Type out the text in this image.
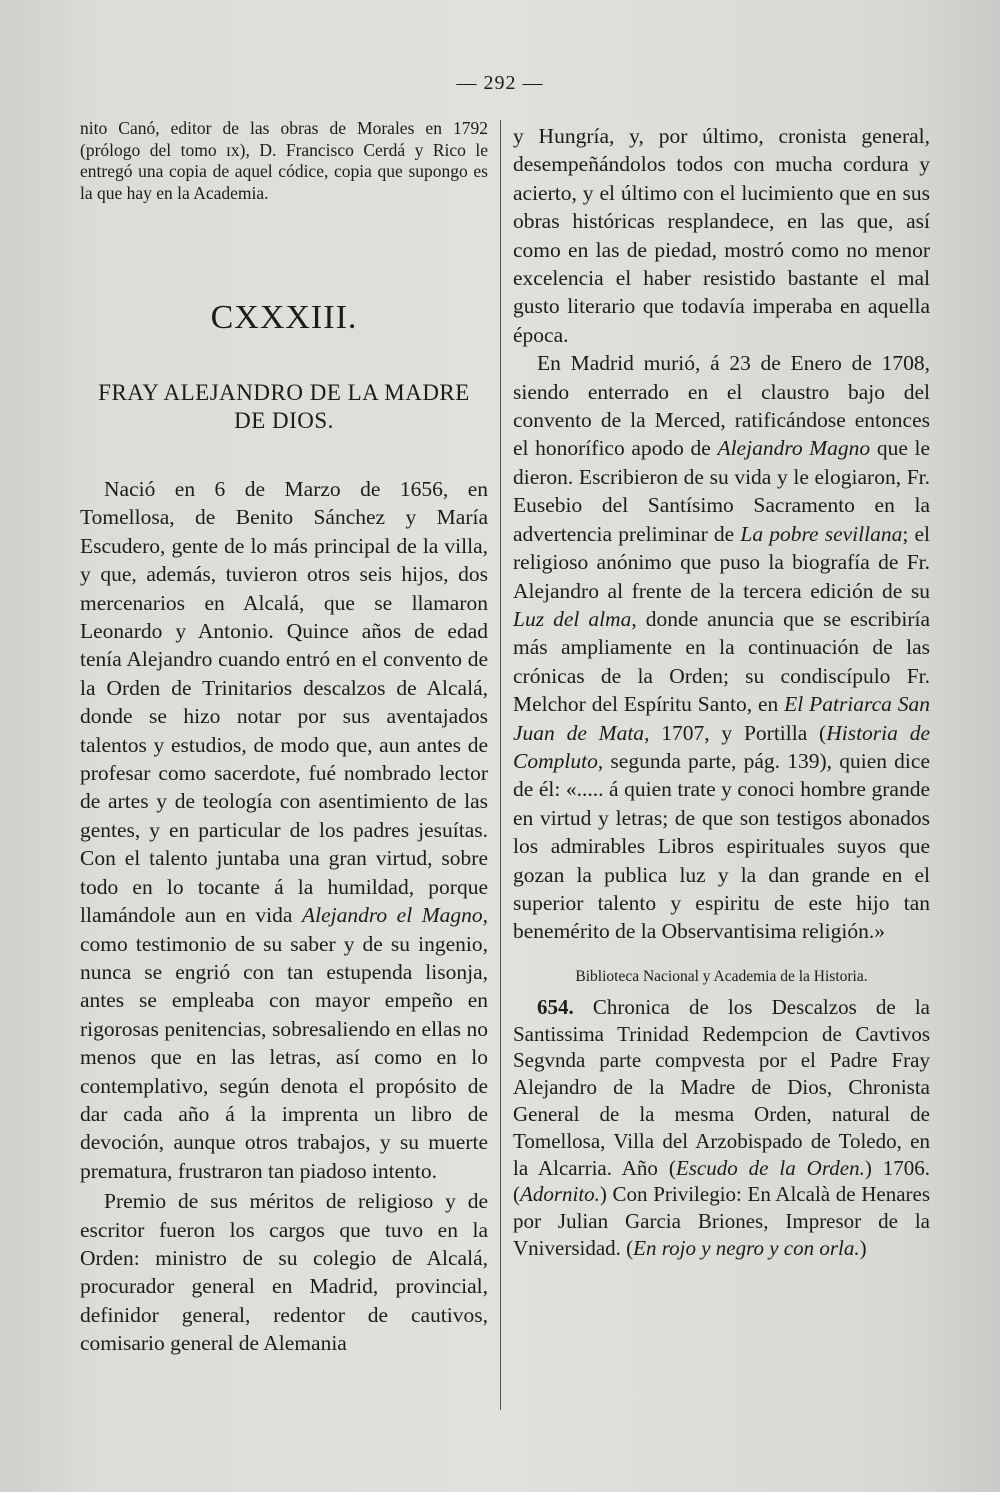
— 292 —

nito Canó, editor de las obras de Morales en 1792 (prólogo del tomo ɪx), D. Francisco Cerdá y Rico le entregó una copia de aquel códice, copia que supongo es la que hay en la Academia.

CXXXIII.
FRAY ALEJANDRO DE LA MADRE DE DIOS.

Nació en 6 de Marzo de 1656, en Tomellosa, de Benito Sánchez y María Escudero, gente de lo más principal de la villa, y que, además, tuvieron otros seis hijos, dos mercenarios en Alcalá, que se llamaron Leonardo y Antonio. Quince años de edad tenía Alejandro cuando entró en el convento de la Orden de Trinitarios descalzos de Alcalá, donde se hizo notar por sus aventajados talentos y estudios, de modo que, aun antes de profesar como sacerdote, fué nombrado lector de artes y de teología con asentimiento de las gentes, y en particular de los padres jesuítas. Con el talento juntaba una gran virtud, sobre todo en lo tocante á la humildad, porque llamándole aun en vida Alejandro el Magno, como testimonio de su saber y de su ingenio, nunca se engrió con tan estupenda lisonja, antes se empleaba con mayor empeño en rigorosas penitencias, sobresaliendo en ellas no menos que en las letras, así como en lo contemplativo, según denota el propósito de dar cada año á la imprenta un libro de devoción, aunque otros trabajos, y su muerte prematura, frustraron tan piadoso intento.

Premio de sus méritos de religioso y de escritor fueron los cargos que tuvo en la Orden: ministro de su colegio de Alcalá, procurador general en Madrid, provincial, definidor general, redentor de cautivos, comisario general de Alemania

y Hungría, y, por último, cronista general, desempeñándolos todos con mucha cordura y acierto, y el último con el lucimiento que en sus obras históricas resplandece, en las que, así como en las de piedad, mostró como no menor excelencia el haber resistido bastante el mal gusto literario que todavía imperaba en aquella época.

En Madrid murió, á 23 de Enero de 1708, siendo enterrado en el claustro bajo del convento de la Merced, ratificándose entonces el honorífico apodo de Alejandro Magno que le dieron. Escribieron de su vida y le elogiaron, Fr. Eusebio del Santísimo Sacramento en la advertencia preliminar de La pobre sevillana; el religioso anónimo que puso la biografía de Fr. Alejandro al frente de la tercera edición de su Luz del alma, donde anuncia que se escribiría más ampliamente en la continuación de las crónicas de la Orden; su condiscípulo Fr. Melchor del Espíritu Santo, en El Patriarca San Juan de Mata, 1707, y Portilla (Historia de Compluto, segunda parte, pág. 139), quien dice de él: «..... á quien trate y conoci hombre grande en virtud y letras; de que son testigos abonados los admirables Libros espirituales suyos que gozan la publica luz y la dan grande en el superior talento y espiritu de este hijo tan benemérito de la Observantisima religión.»

Biblioteca Nacional y Academia de la Historia.

654. Chronica de los Descalzos de la Santissima Trinidad Redempcion de Cavtivos Segvnda parte compvesta por el Padre Fray Alejandro de la Madre de Dios, Chronista General de la mesma Orden, natural de Tomellosa, Villa del Arzobispado de Toledo, en la Alcarria. Año (Escudo de la Orden.) 1706. (Adornito.) Con Privilegio: En Alcalà de Henares por Julian Garcia Briones, Impresor de la Vniversidad. (En rojo y negro y con orla.)
